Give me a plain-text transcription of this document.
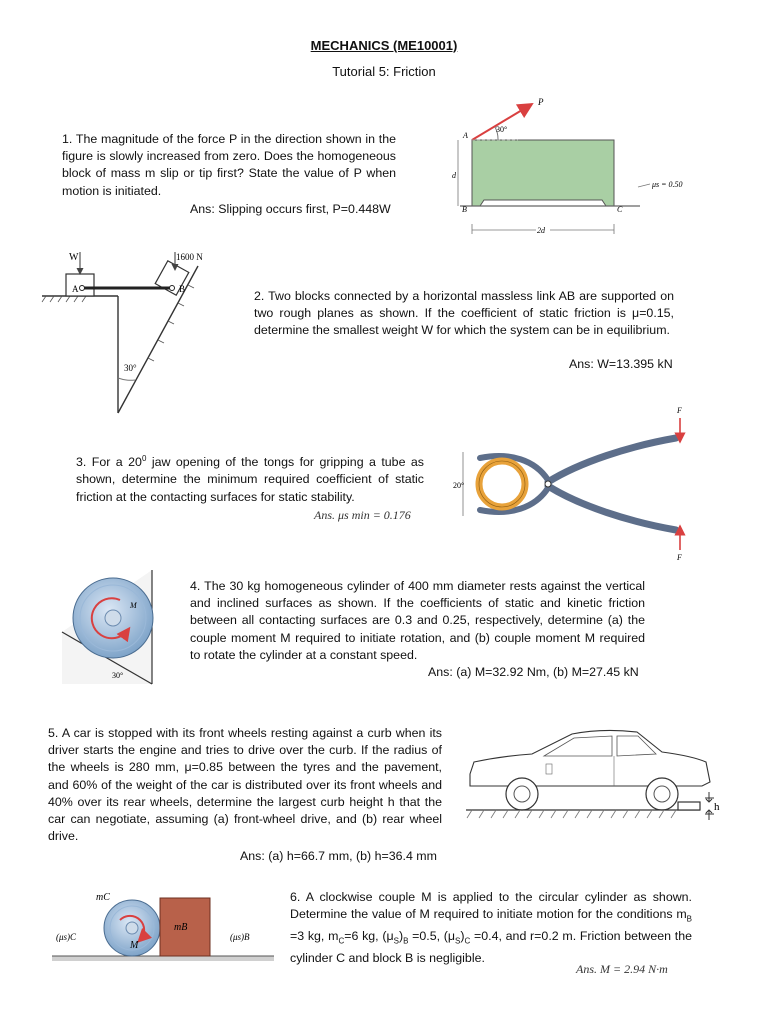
MECHANICS (ME10001)
Tutorial 5: Friction
1. The magnitude of the force P in the direction shown in the figure is slowly increased from zero. Does the homogeneous block of mass m slip or tip first? State the value of P when motion is initiated.
Ans: Slipping occurs first, P=0.448W
P
30°
A
B	C
d
2d
μs = 0.50
W	1600 N
A	B
30°
2. Two blocks connected by a horizontal massless link AB are supported on two rough planes as shown. If the coefficient of static friction is μ=0.15, determine the smallest weight W for which the system can be in equilibrium.
Ans: W=13.395 kN
3. For a $20^0$ jaw opening of the tongs for gripping a tube as shown, determine the minimum required coefficient of static friction at the contacting surfaces for static stability.
Ans. μs min = 0.176
20°
F
F
M
30°
4. The 30 kg homogeneous cylinder of 400 mm diameter rests against the vertical and inclined surfaces as shown. If the coefficients of static and kinetic friction between all contacting surfaces are 0.3 and 0.25, respectively, determine (a) the couple moment M required to initiate rotation, and (b) couple moment M required to rotate the cylinder at a constant speed.
Ans: (a) M=32.92 Nm, (b) M=27.45 kN
5. A car is stopped with its front wheels resting against a curb when its driver starts the engine and tries to drive over the curb. If the radius of the wheels is 280 mm, μ=0.85 between the tyres and the pavement, and 60% of the weight of the car is distributed over its front wheels and 40% over its rear wheels, determine the largest curb height h that the car can negotiate, assuming (a) front-wheel drive, and (b) rear wheel drive.
Ans: (a) h=66.7 mm, (b) h=36.4 mm
h
mC
mB
M
(μs)C	(μs)B
6. A clockwise couple M is applied to the circular cylinder as shown. Determine the value of M required to initiate motion for the conditions $m_B =3$ kg, $m_C=6$ kg, $(\mu_S)_B =0.5$, $(\mu_S)_C =0.4$, and r=0.2 m. Friction between the cylinder C and block B is negligible.
Ans. M = 2.94 N·m
